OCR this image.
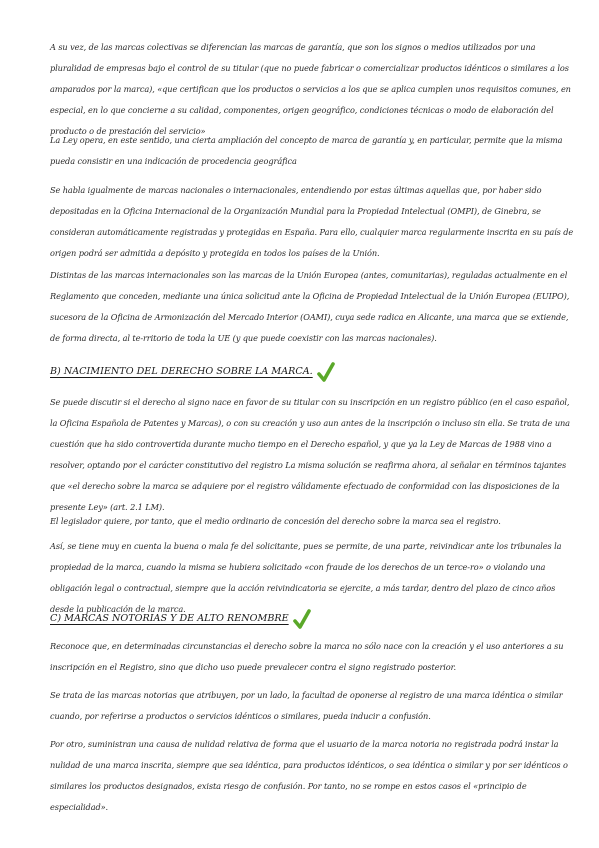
A su vez, de las marcas colectivas se diferencian las marcas de garantía, que son los signos o medios utilizados por una pluralidad de empresas bajo el control de su titular (que no puede fabricar o comercializar productos idénticos o similares a los amparados por la marca), «que certifican que los productos o servicios a los que se aplica cumplen unos requisitos comunes, en especial, en lo que concierne a su calidad, componentes, origen geográfico, condiciones técnicas o modo de elaboración del producto o de prestación del servicio»

La Ley opera, en este sentido, una cierta ampliación del concepto de marca de garantía y, en particular, permite que la misma pueda consistir en una indicación de procedencia geográfica

Se habla igualmente de marcas nacionales o internacionales, entendiendo por estas últimas aquellas que, por haber sido depositadas en la Oficina Internacional de la Organización Mundial para la Propiedad Intelectual (OMPI), de Ginebra, se consideran automáticamente registradas y protegidas en España. Para ello, cualquier marca regularmente inscrita en su país de origen podrá ser admitida a depósito y protegida en todos los países de la Unión.

Distintas de las marcas internacionales son las marcas de la Unión Europea (antes, comunitarias), reguladas actualmente en el Reglamento que conceden, mediante una única solicitud ante la Oficina de Propiedad Intelectual de la Unión Europea (EUIPO), sucesora de la Oficina de Armonización del Mercado Interior (OAMI), cuya sede radica en Alicante, una marca que se extiende, de forma directa, al te-rritorio de toda la UE (y que puede coexistir con las marcas nacionales).

B) NACIMIENTO DEL DERECHO SOBRE LA MARCA.

Se puede discutir si el derecho al signo nace en favor de su titular con su inscripción en un registro público (en el caso español, la Oficina Española de Patentes y Marcas), o con su creación y uso aun antes de la inscripción o incluso sin ella. Se trata de una cuestión que ha sido controvertida durante mucho tiempo en el Derecho español, y que ya la Ley de Marcas de 1988 vino a resolver, optando por el carácter constitutivo del registro La misma solución se reafirma ahora, al señalar en términos tajantes que «el derecho sobre la marca se adquiere por el registro válidamente efectuado de conformidad con las disposiciones de la presente Ley» (art. 2.1 LM).

El legislador quiere, por tanto, que el medio ordinario de concesión del derecho sobre la marca sea el registro.

Así, se tiene muy en cuenta la buena o mala fe del solicitante, pues se permite, de una parte, reivindicar ante los tribunales la propiedad de la marca, cuando la misma se hubiera solicitado «con fraude de los derechos de un terce-ro» o violando una obligación legal o contractual, siempre que la acción reivindicatoria se ejercite, a más tardar, dentro del plazo de cinco años desde la publicación de la marca.

C) MARCAS NOTORIAS Y DE ALTO RENOMBRE

Reconoce que, en determinadas circunstancias el derecho sobre la marca no sólo nace con la creación y el uso anteriores a su inscripción en el Registro, sino que dicho uso puede prevalecer contra el signo registrado posterior.

Se trata de las marcas notorias que atribuyen, por un lado, la facultad de oponerse al registro de una marca idéntica o similar cuando, por referirse a productos o servicios idénticos o similares, pueda inducir a confusión.

Por otro, suministran una causa de nulidad relativa de forma que el usuario de la marca notoria no registrada podrá instar la nulidad de una marca inscrita, siempre que sea idéntica, para productos idénticos, o sea idéntica o similar y por ser idénticos o similares los productos designados, exista riesgo de confusión. Por tanto, no se rompe en estos casos el «principio de especialidad».
